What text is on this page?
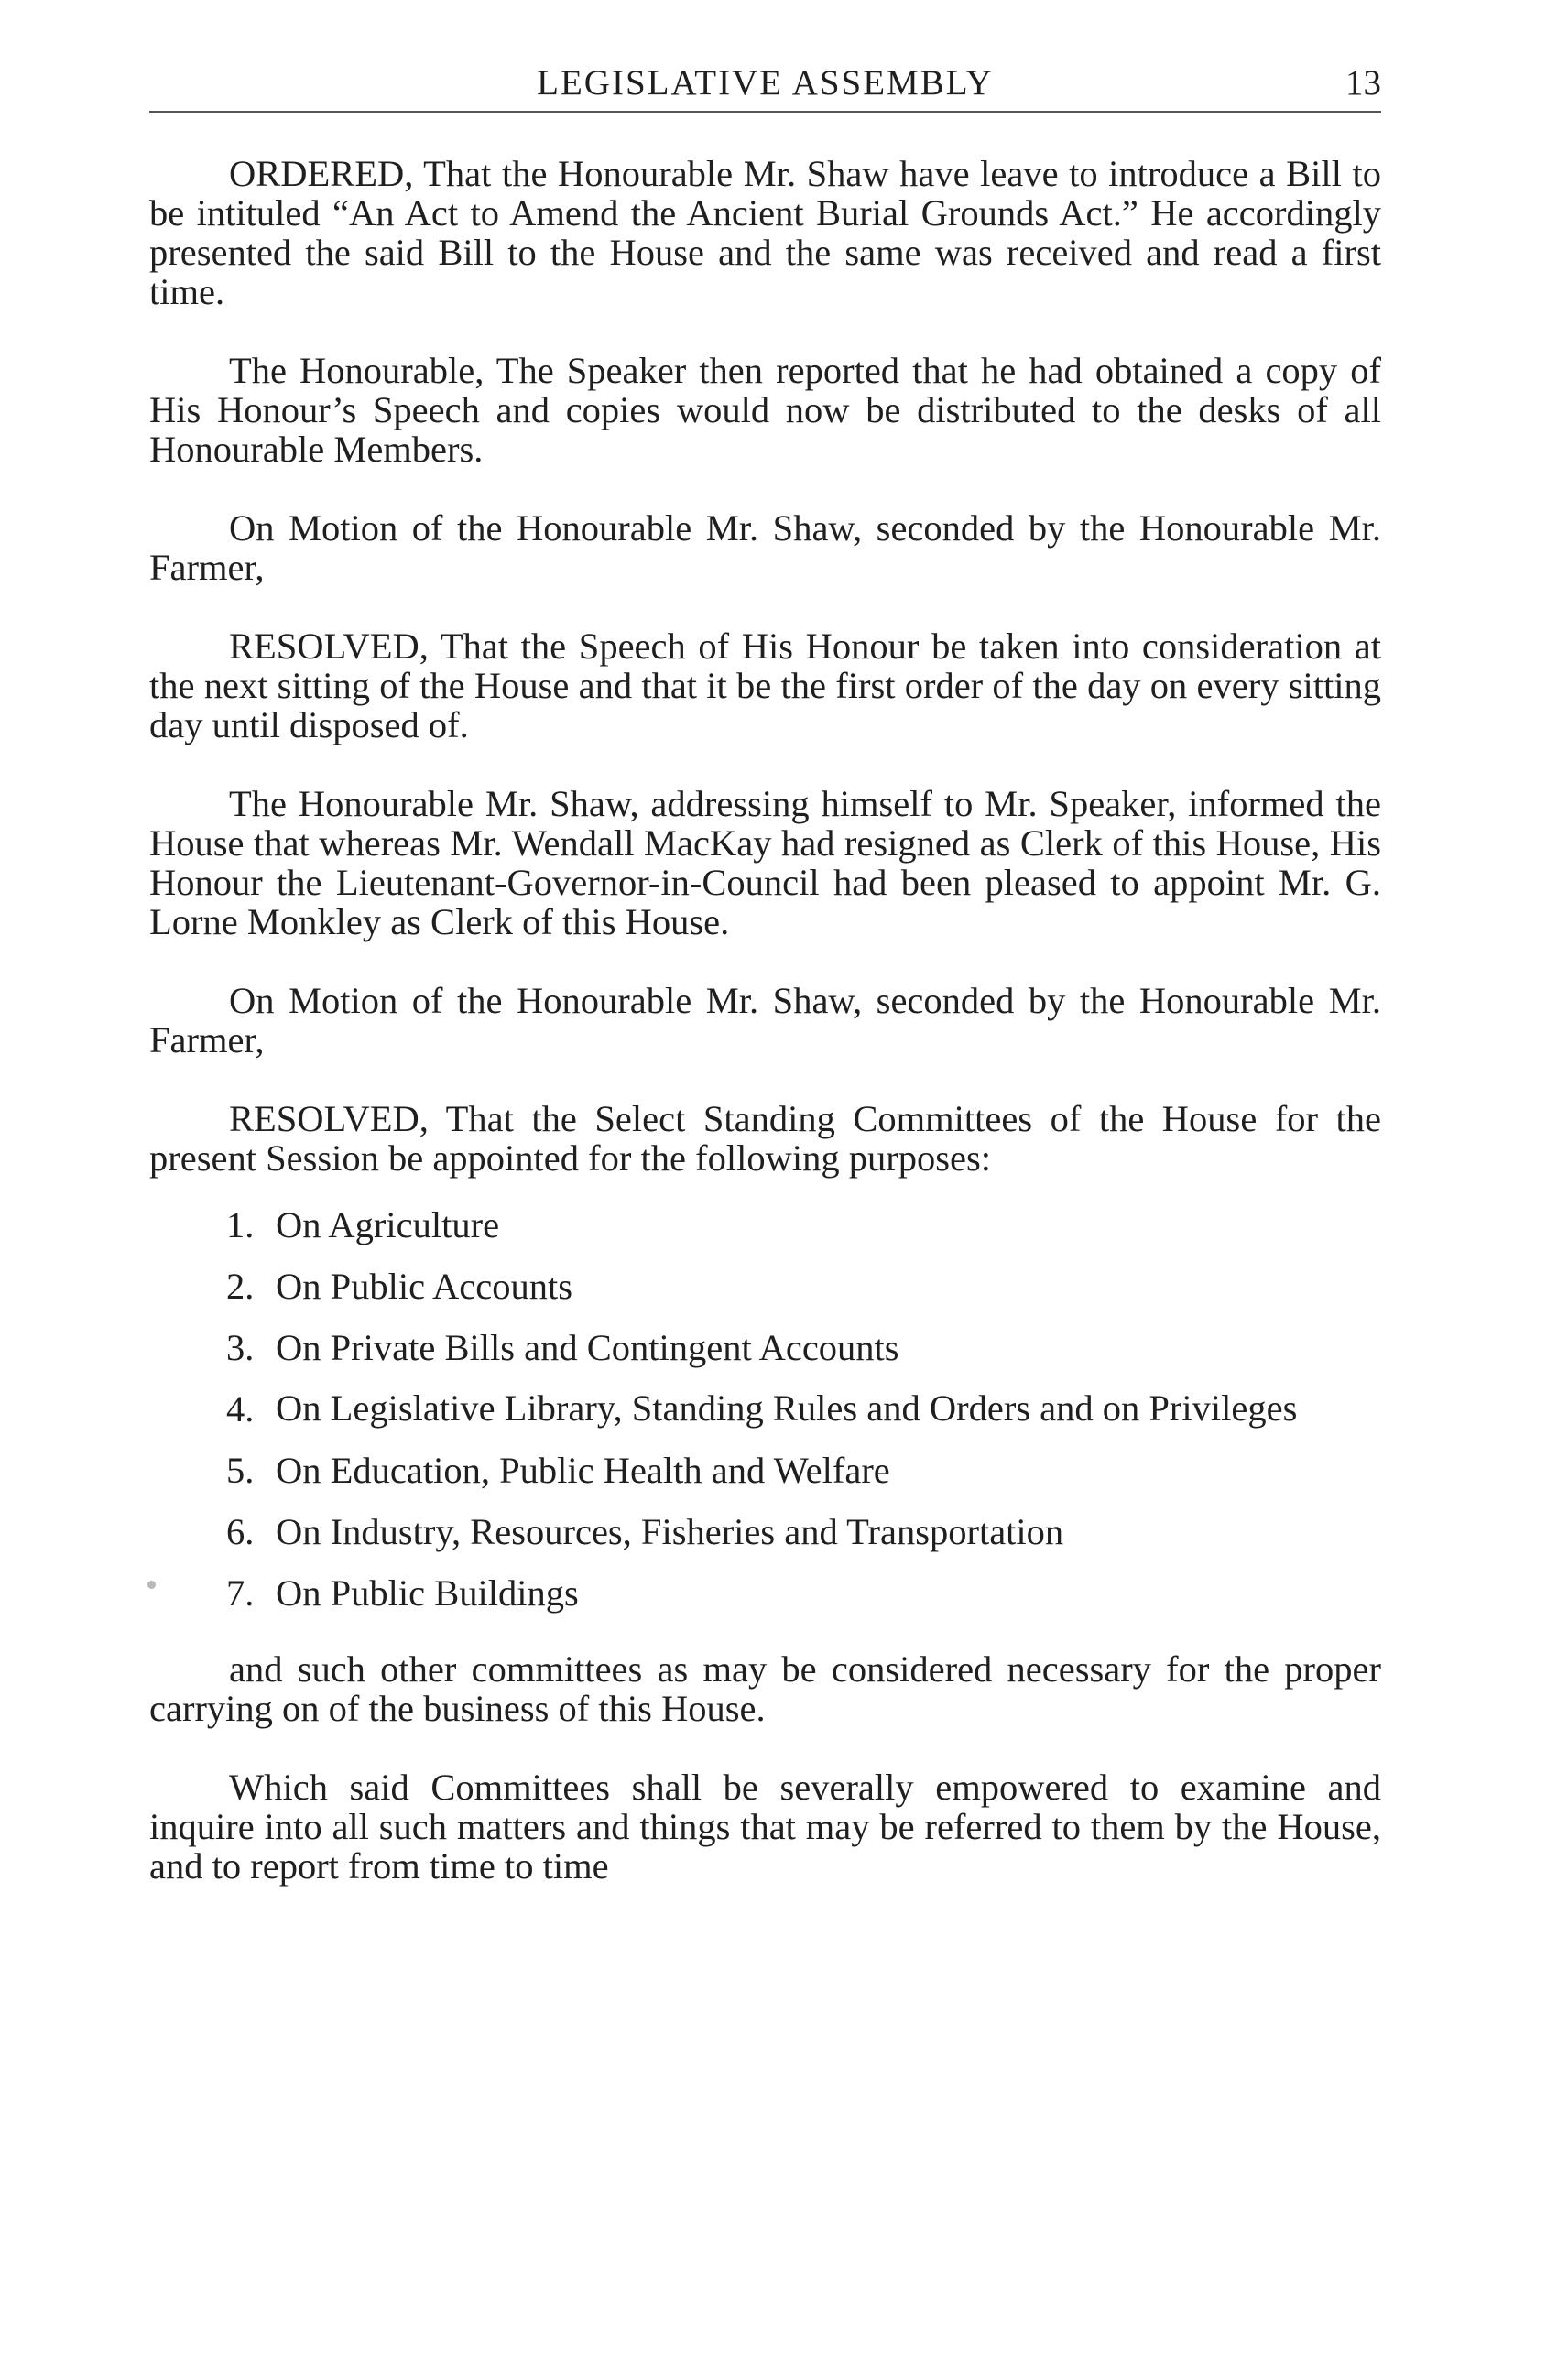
LEGISLATIVE ASSEMBLY	13

ORDERED, That the Honourable Mr. Shaw have leave to introduce a Bill to be intituled “An Act to Amend the Ancient Burial Grounds Act.” He accordingly presented the said Bill to the House and the same was received and read a first time.

The Honourable, The Speaker then reported that he had obtained a copy of His Honour’s Speech and copies would now be distributed to the desks of all Honourable Members.

On Motion of the Honourable Mr. Shaw, seconded by the Honourable Mr. Farmer,

RESOLVED, That the Speech of His Honour be taken into consideration at the next sitting of the House and that it be the first order of the day on every sitting day until disposed of.

The Honourable Mr. Shaw, addressing himself to Mr. Speaker, informed the House that whereas Mr. Wendall MacKay had resigned as Clerk of this House, His Honour the Lieutenant-Governor-in-Council had been pleased to appoint Mr. G. Lorne Monkley as Clerk of this House.

On Motion of the Honourable Mr. Shaw, seconded by the Honourable Mr. Farmer,

RESOLVED, That the Select Standing Committees of the House for the present Session be appointed for the following purposes:

1. On Agriculture
2. On Public Accounts
3. On Private Bills and Contingent Accounts
4. On Legislative Library, Standing Rules and Orders and on Privileges
5. On Education, Public Health and Welfare
6. On Industry, Resources, Fisheries and Transportation
7. On Public Buildings

and such other committees as may be considered necessary for the proper carrying on of the business of this House.

Which said Committees shall be severally empowered to examine and inquire into all such matters and things that may be referred to them by the House, and to report from time to time
